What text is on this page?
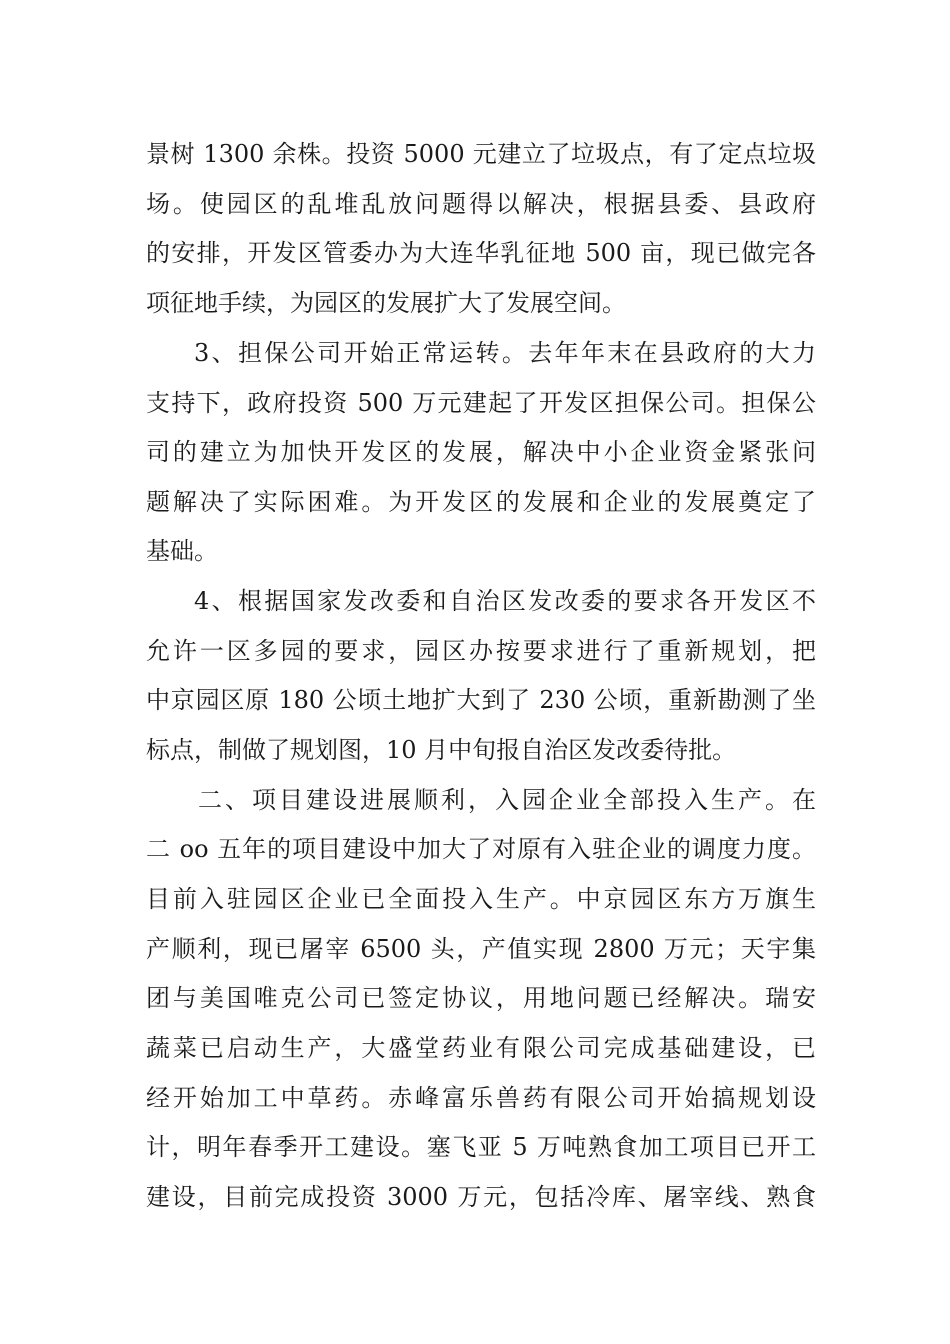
景树 1300 余株。投资 5000 元建立了垃圾点，有了定点垃圾
场。使园区的乱堆乱放问题得以解决，根据县委、县政府
的安排，开发区管委办为大连华乳征地 500 亩，现已做完各
项征地手续，为园区的发展扩大了发展空间。
3、担保公司开始正常运转。去年年末在县政府的大力
支持下，政府投资 500 万元建起了开发区担保公司。担保公
司的建立为加快开发区的发展，解决中小企业资金紧张问
题解决了实际困难。为开发区的发展和企业的发展奠定了
基础。
4、根据国家发改委和自治区发改委的要求各开发区不
允许一区多园的要求，园区办按要求进行了重新规划，把
中京园区原 180 公顷土地扩大到了 230 公顷，重新勘测了坐
标点，制做了规划图，10 月中旬报自治区发改委待批。
二、项目建设进展顺利，入园企业全部投入生产。在
二 oo 五年的项目建设中加大了对原有入驻企业的调度力度。
目前入驻园区企业已全面投入生产。中京园区东方万旗生
产顺利，现已屠宰 6500 头，产值实现 2800 万元；天宇集
团与美国唯克公司已签定协议，用地问题已经解决。瑞安
蔬菜已启动生产，大盛堂药业有限公司完成基础建设，已
经开始加工中草药。赤峰富乐兽药有限公司开始搞规划设
计，明年春季开工建设。塞飞亚 5 万吨熟食加工项目已开工
建设，目前完成投资 3000 万元，包括冷库、屠宰线、熟食
